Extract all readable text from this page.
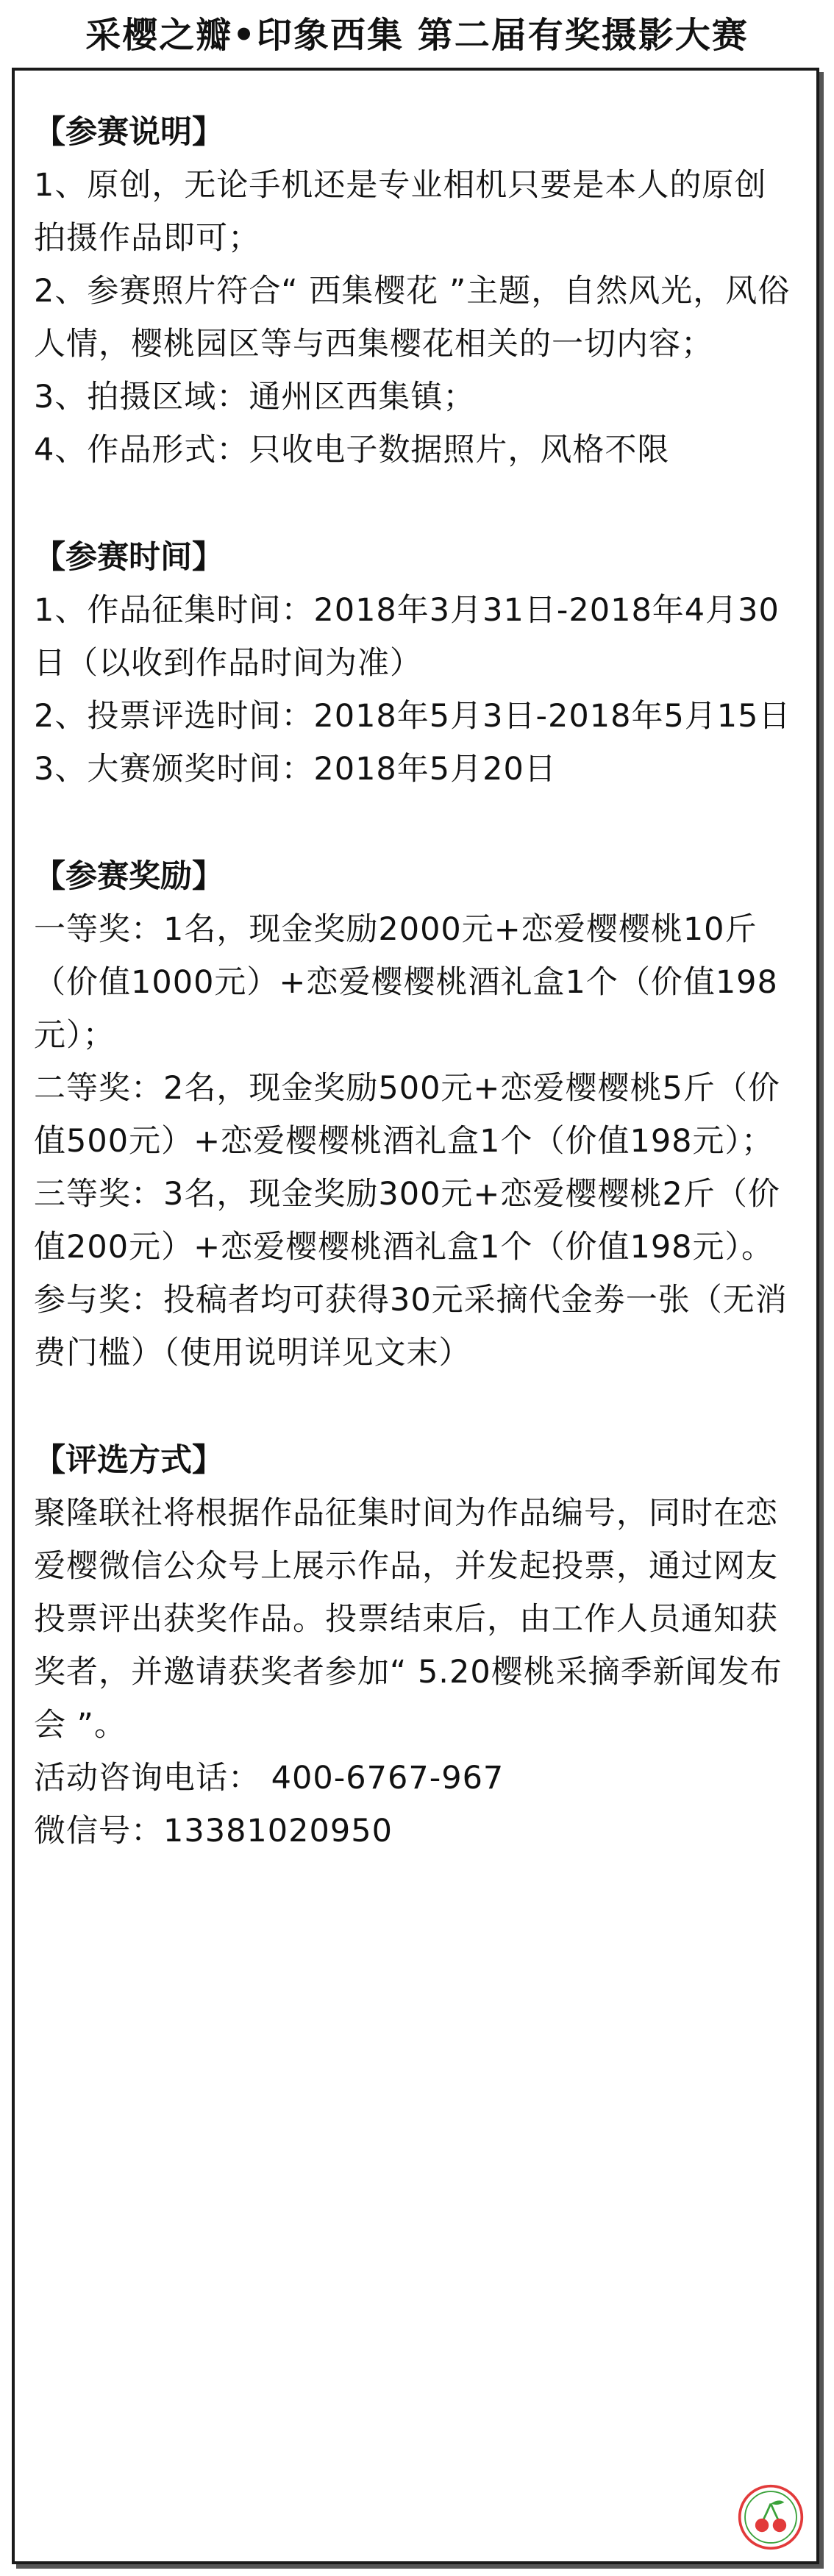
采樱之瓣•印象西集 第二届有奖摄影大赛

【参赛说明】

1、原创，无论手机还是专业相机只要是本人的原创拍摄作品即可；

2、参赛照片符合“ 西集樱花 ”主题，自然风光，风俗人情，樱桃园区等与西集樱花相关的一切内容；

3、拍摄区域：通州区西集镇；

4、作品形式：只收电子数据照片，风格不限

【参赛时间】

1、作品征集时间：2018年3月31日-2018年4月30日（以收到作品时间为准）

2、投票评选时间：2018年5月3日-2018年5月15日

3、大赛颁奖时间：2018年5月20日

【参赛奖励】

一等奖：1名，现金奖励2000元+恋爱樱樱桃10斤（价值1000元）+恋爱樱樱桃酒礼盒1个（价值198元）；

二等奖：2名，现金奖励500元+恋爱樱樱桃5斤（价值500元）+恋爱樱樱桃酒礼盒1个（价值198元）；

三等奖：3名，现金奖励300元+恋爱樱樱桃2斤（价值200元）+恋爱樱樱桃酒礼盒1个（价值198元）。

参与奖：投稿者均可获得30元采摘代金劵一张（无消费门槛）（使用说明详见文末）

【评选方式】

聚隆联社将根据作品征集时间为作品编号，同时在恋爱樱微信公众号上展示作品，并发起投票，通过网友投票评出获奖作品。投票结束后，由工作人员通知获奖者，并邀请获奖者参加“ 5.20樱桃采摘季新闻发布会 ”。

活动咨询电话： 400-6767-967

微信号：13381020950
